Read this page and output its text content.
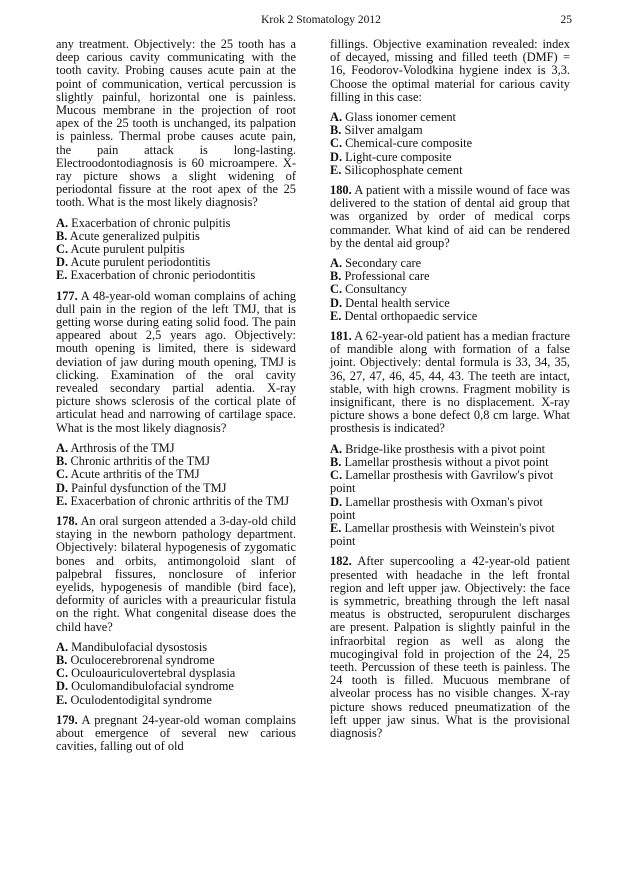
Krok 2 Stomatology 2012	25
any treatment. Objectively: the 25 tooth has a deep carious cavity communicating with the tooth cavity. Probing causes acute pain at the point of communication, vertical percussion is slightly painful, horizontal one is painless. Mucous membrane in the projection of root apex of the 25 tooth is unchanged, its palpation is painless. Thermal probe causes acute pain, the pain attack is long-lasting. Electroodontodiagnosis is 60 microampere. X-ray picture shows a slight widening of periodontal fissure at the root apex of the 25 tooth. What is the most likely diagnosis?
A. Exacerbation of chronic pulpitis
B. Acute generalized pulpitis
C. Acute purulent pulpitis
D. Acute purulent periodontitis
E. Exacerbation of chronic periodontitis
177. A 48-year-old woman complains of aching dull pain in the region of the left TMJ, that is getting worse during eating solid food. The pain appeared about 2,5 years ago. Objectively: mouth opening is limited, there is sideward deviation of jaw during mouth opening, TMJ is clicking. Examination of the oral cavity revealed secondary partial adentia. X-ray picture shows sclerosis of the cortical plate of articulat head and narrowing of cartilage space. What is the most likely diagnosis?
A. Arthrosis of the TMJ
B. Chronic arthritis of the TMJ
C. Acute arthritis of the TMJ
D. Painful dysfunction of the TMJ
E. Exacerbation of chronic arthritis of the TMJ
178. An oral surgeon attended a 3-day-old child staying in the newborn pathology department. Objectively: bilateral hypogenesis of zygomatic bones and orbits, antimongoloid slant of palpebral fissures, nonclosure of inferior eyelids, hypogenesis of mandible (bird face), deformity of auricles with a preauricular fistula on the right. What congenital disease does the child have?
A. Mandibulofacial dysostosis
B. Oculocerebrorenal syndrome
C. Oculoauriculovertebral dysplasia
D. Oculomandibulofacial syndrome
E. Oculodentodigital syndrome
179. A pregnant 24-year-old woman complains about emergence of several new carious cavities, falling out of old
fillings. Objective examination revealed: index of decayed, missing and filled teeth (DMF) = 16, Feodorov-Volodkina hygiene index is 3,3. Choose the optimal material for carious cavity filling in this case:
A. Glass ionomer cement
B. Silver amalgam
C. Chemical-cure composite
D. Light-cure composite
E. Silicophosphate cement
180. A patient with a missile wound of face was delivered to the station of dental aid group that was organized by order of medical corps commander. What kind of aid can be rendered by the dental aid group?
A. Secondary care
B. Professional care
C. Consultancy
D. Dental health service
E. Dental orthopaedic service
181. A 62-year-old patient has a median fracture of mandible along with formation of a false joint. Objectively: dental formula is 33, 34, 35, 36, 27, 47, 46, 45, 44, 43. The teeth are intact, stable, with high crowns. Fragment mobility is insignificant, there is no displacement. X-ray picture shows a bone defect 0,8 cm large. What prosthesis is indicated?
A. Bridge-like prosthesis with a pivot point
B. Lamellar prosthesis without a pivot point
C. Lamellar prosthesis with Gavrilow's pivot point
D. Lamellar prosthesis with Oxman's pivot point
E. Lamellar prosthesis with Weinstein's pivot point
182. After supercooling a 42-year-old patient presented with headache in the left frontal region and left upper jaw. Objectively: the face is symmetric, breathing through the left nasal meatus is obstructed, seropurulent discharges are present. Palpation is slightly painful in the infraorbital region as well as along the mucogingival fold in projection of the 24, 25 teeth. Percussion of these teeth is painless. The 24 tooth is filled. Mucuous membrane of alveolar process has no visible changes. X-ray picture shows reduced pneumatization of the left upper jaw sinus. What is the provisional diagnosis?
